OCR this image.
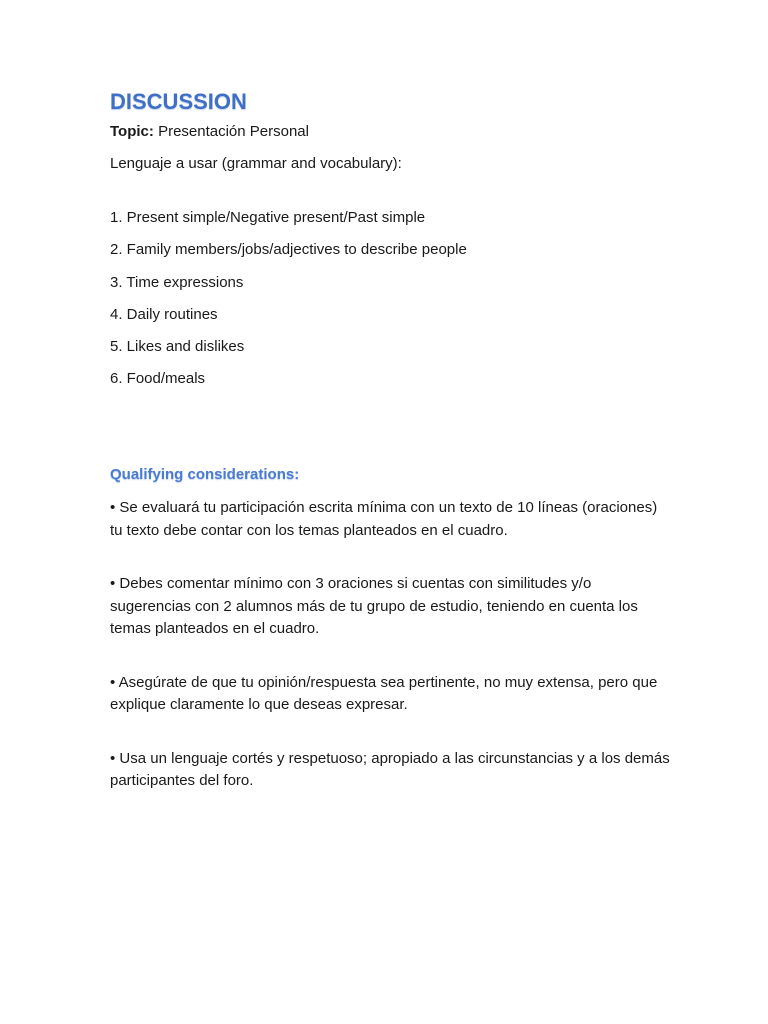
DISCUSSION
Topic: Presentación Personal
Lenguaje a usar (grammar and vocabulary):
1. Present simple/Negative present/Past simple
2. Family members/jobs/adjectives to describe people
3. Time expressions
4. Daily routines
5. Likes and dislikes
6. Food/meals
Qualifying considerations:

• Se evaluará tu participación escrita mínima con un texto de 10 líneas (oraciones) tu texto debe contar con los temas planteados en el cuadro.

• Debes comentar mínimo con 3 oraciones si cuentas con similitudes y/o sugerencias con 2 alumnos más de tu grupo de estudio, teniendo en cuenta los temas planteados en el cuadro.

• Asegúrate de que tu opinión/respuesta sea pertinente, no muy extensa, pero que explique claramente lo que deseas expresar.

• Usa un lenguaje cortés y respetuoso; apropiado a las circunstancias y a los demás participantes del foro.
